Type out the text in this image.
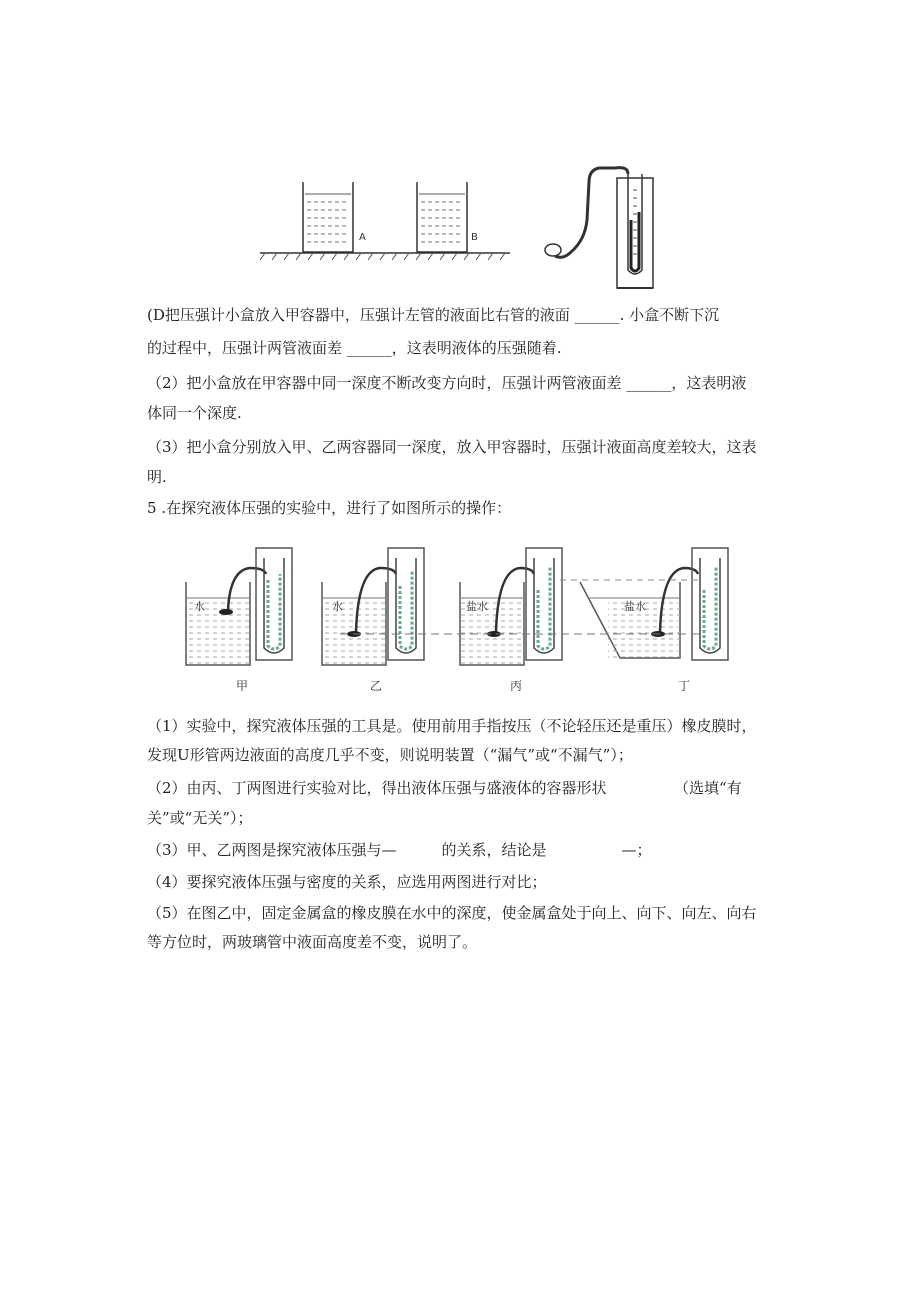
A	B
(D把压强计小盒放入甲容器中，压强计左管的液面比右管的液面 ______. 小盒不断下沉
的过程中，压强计两管液面差 ______，这表明液体的压强随着.
（2）把小盒放在甲容器中同一深度不断改变方向时，压强计两管液面差 ______，这表明液
体同一个深度.
（3）把小盒分别放入甲、乙两容器同一深度，放入甲容器时，压强计液面高度差较大，这表
明.
5 .在探究液体压强的实验中，进行了如图所示的操作：
水
甲
水
乙
盐水
丙
盐水
丁
（1）实验中，探究液体压强的工具是。使用前用手指按压（不论轻压还是重压）橡皮膜时，
发现U形管两边液面的高度几乎不变，则说明装置（“漏气”或“不漏气”）；
（2）由丙、丁两图进行实验对比，得出液体压强与盛液体的容器形状　　　　　（选填“有
关”或“无关”）；
（3）甲、乙两图是探究液体压强与—　　　的关系，结论是　　　　　—；
（4）要探究液体压强与密度的关系，应选用两图进行对比；
（5）在图乙中，固定金属盒的橡皮膜在水中的深度，使金属盒处于向上、向下、向左、向右
等方位时，两玻璃管中液面高度差不变，说明了。
